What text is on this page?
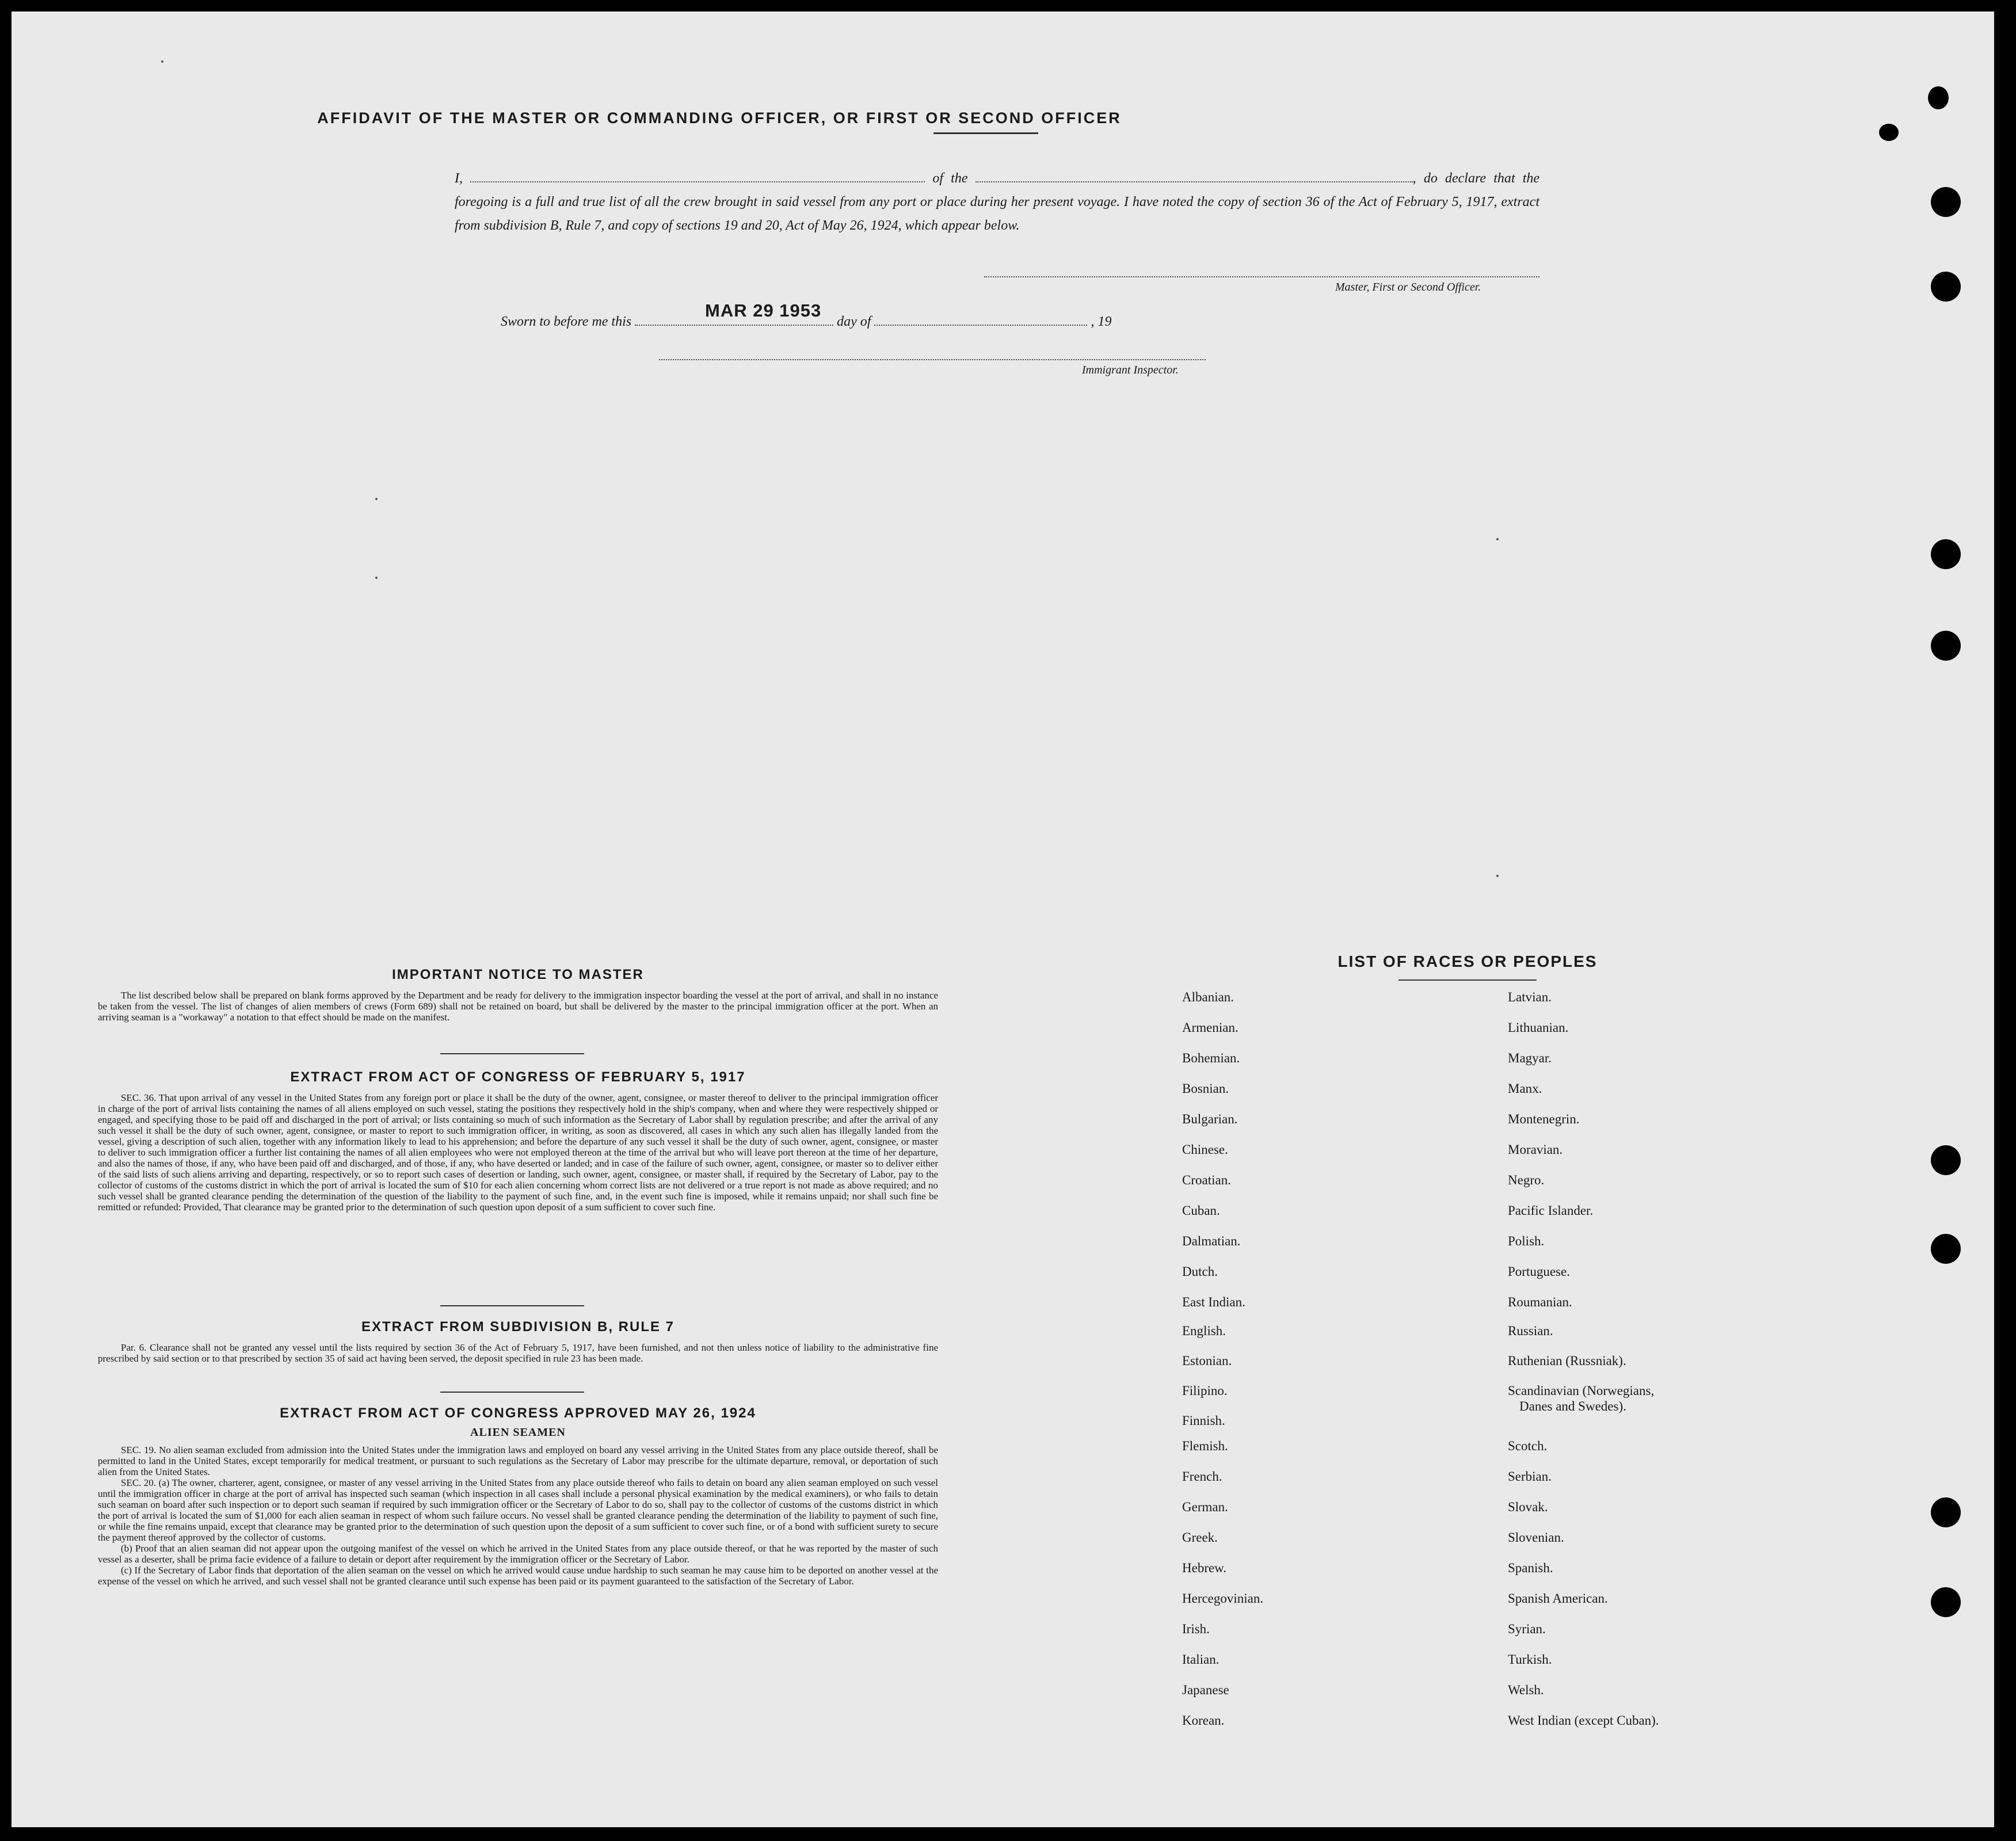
AFFIDAVIT OF THE MASTER OR COMMANDING OFFICER, OR FIRST OR SECOND OFFICER
I,	of the	, do declare that the foregoing is a full and true list of all the crew brought in said vessel from any port or place during her present voyage. I have noted the copy of section 36 of the Act of February 5, 1917, extract from subdivision B, Rule 7, and copy of sections 19 and 20, Act of May 26, 1924, which appear below.
Master, First or Second Officer.
Sworn to before me this	day of	, 19
MAR 29 1953
Immigrant Inspector.
IMPORTANT NOTICE TO MASTER

The list described below shall be prepared on blank forms approved by the Department and be ready for delivery to the immigration inspector boarding the vessel at the port of arrival, and shall in no instance be taken from the vessel. The list of changes of alien members of crews (Form 689) shall not be retained on board, but shall be delivered by the master to the principal immigration officer at the port. When an arriving seaman is a "workaway" a notation to that effect should be made on the manifest.

EXTRACT FROM ACT OF CONGRESS OF FEBRUARY 5, 1917

SEC. 36. That upon arrival of any vessel in the United States from any foreign port or place it shall be the duty of the owner, agent, consignee, or master thereof to deliver to the principal immigration officer in charge of the port of arrival lists containing the names of all aliens employed on such vessel, stating the positions they respectively hold in the ship's company, when and where they were respectively shipped or engaged, and specifying those to be paid off and discharged in the port of arrival; or lists containing so much of such information as the Secretary of Labor shall by regulation prescribe; and after the arrival of any such vessel it shall be the duty of such owner, agent, consignee, or master to report to such immigration officer, in writing, as soon as discovered, all cases in which any such alien has illegally landed from the vessel, giving a description of such alien, together with any information likely to lead to his apprehension; and before the departure of any such vessel it shall be the duty of such owner, agent, consignee, or master to deliver to such immigration officer a further list containing the names of all alien employees who were not employed thereon at the time of the arrival but who will leave port thereon at the time of her departure, and also the names of those, if any, who have been paid off and discharged, and of those, if any, who have deserted or landed; and in case of the failure of such owner, agent, consignee, or master so to deliver either of the said lists of such aliens arriving and departing, respectively, or so to report such cases of desertion or landing, such owner, agent, consignee, or master shall, if required by the Secretary of Labor, pay to the collector of customs of the customs district in which the port of arrival is located the sum of $10 for each alien concerning whom correct lists are not delivered or a true report is not made as above required; and no such vessel shall be granted clearance pending the determination of the question of the liability to the payment of such fine, and, in the event such fine is imposed, while it remains unpaid; nor shall such fine be remitted or refunded: Provided, That clearance may be granted prior to the determination of such question upon deposit of a sum sufficient to cover such fine.

EXTRACT FROM SUBDIVISION B, RULE 7

Par. 6. Clearance shall not be granted any vessel until the lists required by section 36 of the Act of February 5, 1917, have been furnished, and not then unless notice of liability to the administrative fine prescribed by said section or to that prescribed by section 35 of said act having been served, the deposit specified in rule 23 has been made.

EXTRACT FROM ACT OF CONGRESS APPROVED MAY 26, 1924
ALIEN SEAMEN

SEC. 19. No alien seaman excluded from admission into the United States under the immigration laws and employed on board any vessel arriving in the United States from any place outside thereof, shall be permitted to land in the United States, except temporarily for medical treatment, or pursuant to such regulations as the Secretary of Labor may prescribe for the ultimate departure, removal, or deportation of such alien from the United States.

SEC. 20. (a) The owner, charterer, agent, consignee, or master of any vessel arriving in the United States from any place outside thereof who fails to detain on board any alien seaman employed on such vessel until the immigration officer in charge at the port of arrival has inspected such seaman (which inspection in all cases shall include a personal physical examination by the medical examiners), or who fails to detain such seaman on board after such inspection or to deport such seaman if required by such immigration officer or the Secretary of Labor to do so, shall pay to the collector of customs of the customs district in which the port of arrival is located the sum of $1,000 for each alien seaman in respect of whom such failure occurs. No vessel shall be granted clearance pending the determination of the liability to payment of such fine, or while the fine remains unpaid, except that clearance may be granted prior to the determination of such question upon the deposit of a sum sufficient to cover such fine, or of a bond with sufficient surety to secure the payment thereof approved by the collector of customs.

(b) Proof that an alien seaman did not appear upon the outgoing manifest of the vessel on which he arrived in the United States from any place outside thereof, or that he was reported by the master of such vessel as a deserter, shall be prima facie evidence of a failure to detain or deport after requirement by the immigration officer or the Secretary of Labor.

(c) If the Secretary of Labor finds that deportation of the alien seaman on the vessel on which he arrived would cause undue hardship to such seaman he may cause him to be deported on another vessel at the expense of the vessel on which he arrived, and such vessel shall not be granted clearance until such expense has been paid or its payment guaranteed to the satisfaction of the Secretary of Labor.

LIST OF RACES OR PEOPLES
Albanian.
Armenian.
Bohemian.
Bosnian.
Bulgarian.
Chinese.
Croatian.
Cuban.
Dalmatian.
Dutch.
East Indian.
English.
Estonian.
Filipino.
Finnish.
Flemish.
French.
German.
Greek.
Hebrew.
Hercegovinian.
Irish.
Italian.
Japanese
Korean.
Latvian.
Lithuanian.
Magyar.
Manx.
Montenegrin.
Moravian.
Negro.
Pacific Islander.
Polish.
Portuguese.
Roumanian.
Russian.
Ruthenian (Russniak).
Scandinavian (Norwegians,
Danes and Swedes).
Scotch.
Serbian.
Slovak.
Slovenian.
Spanish.
Spanish American.
Syrian.
Turkish.
Welsh.
West Indian (except Cuban).
